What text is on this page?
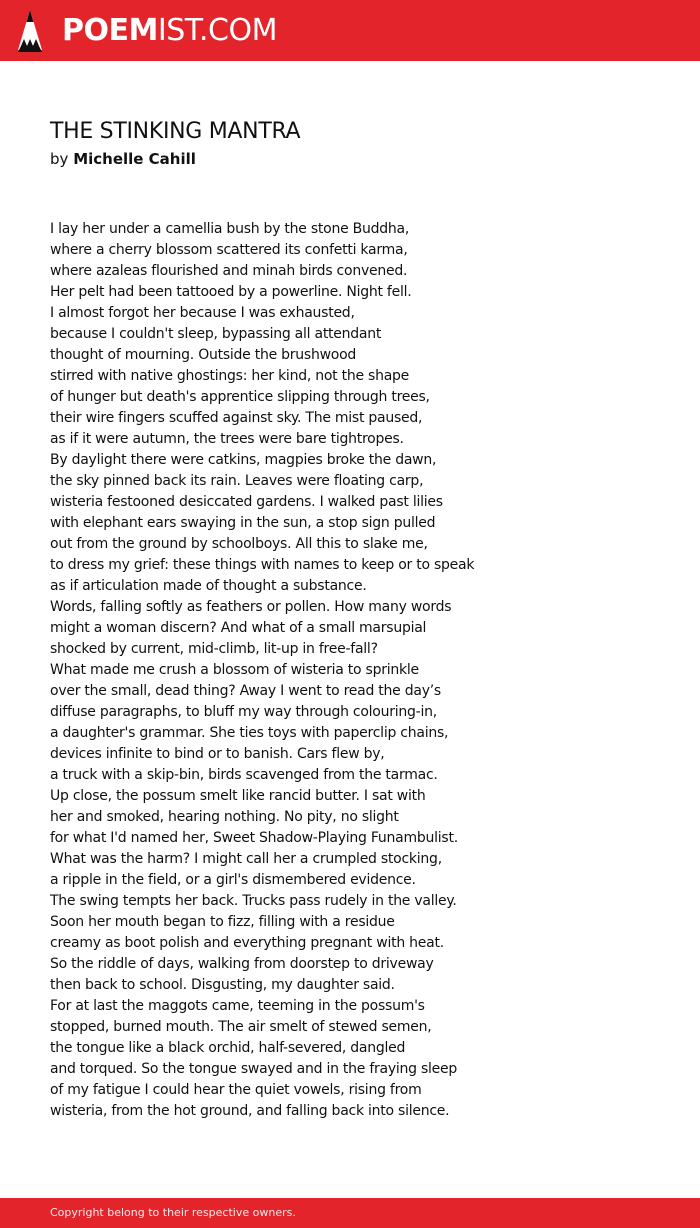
POEMIST.COM
THE STINKING MANTRA
by Michelle Cahill
I lay her under a camellia bush by the stone Buddha,
where a cherry blossom scattered its confetti karma,
where azaleas flourished and minah birds convened.
Her pelt had been tattooed by a powerline. Night fell.
I almost forgot her because I was exhausted,
because I couldn't sleep, bypassing all attendant
thought of mourning. Outside the brushwood
stirred with native ghostings: her kind, not the shape
of hunger but death's apprentice slipping through trees,
their wire fingers scuffed against sky. The mist paused,
as if it were autumn, the trees were bare tightropes.
By daylight there were catkins, magpies broke the dawn,
the sky pinned back its rain. Leaves were floating carp,
wisteria festooned desiccated gardens. I walked past lilies
with elephant ears swaying in the sun, a stop sign pulled
out from the ground by schoolboys. All this to slake me,
to dress my grief: these things with names to keep or to speak
as if articulation made of thought a substance.
Words, falling softly as feathers or pollen. How many words
might a woman discern? And what of a small marsupial
shocked by current, mid-climb, lit-up in free-fall?
What made me crush a blossom of wisteria to sprinkle
over the small, dead thing? Away I went to read the day’s
diffuse paragraphs, to bluff my way through colouring-in,
a daughter's grammar. She ties toys with paperclip chains,
devices infinite to bind or to banish. Cars flew by,
a truck with a skip-bin, birds scavenged from the tarmac.
Up close, the possum smelt like rancid butter. I sat with
her and smoked, hearing nothing. No pity, no slight
for what I'd named her, Sweet Shadow-Playing Funambulist.
What was the harm? I might call her a crumpled stocking,
a ripple in the field, or a girl's dismembered evidence.
The swing tempts her back. Trucks pass rudely in the valley.
Soon her mouth began to fizz, filling with a residue
creamy as boot polish and everything pregnant with heat.
So the riddle of days, walking from doorstep to driveway
then back to school. Disgusting, my daughter said.
For at last the maggots came, teeming in the possum's
stopped, burned mouth. The air smelt of stewed semen,
the tongue like a black orchid, half-severed, dangled
and torqued. So the tongue swayed and in the fraying sleep
of my fatigue I could hear the quiet vowels, rising from
wisteria, from the hot ground, and falling back into silence.
Copyright belong to their respective owners.
